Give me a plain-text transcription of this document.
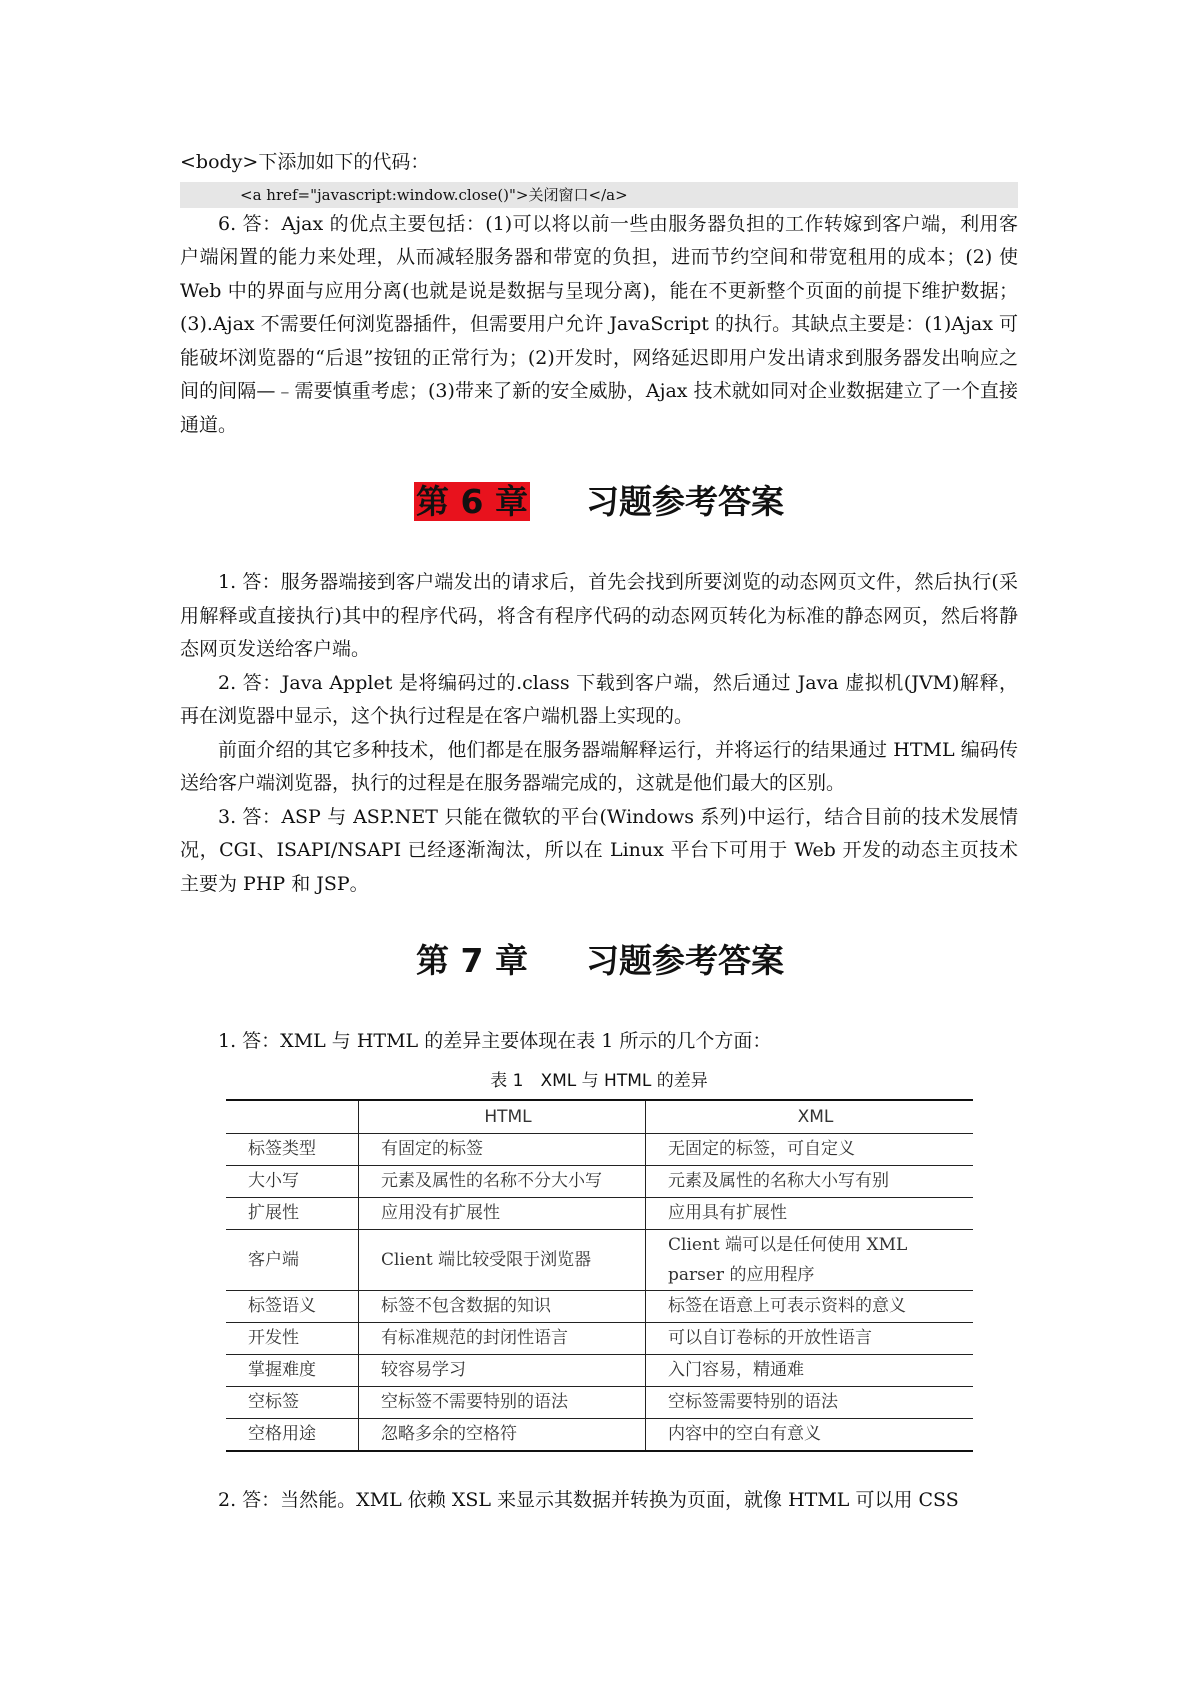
<body>下添加如下的代码：

<a href="javascript:window.close()">关闭窗口</a>

6. 答：Ajax 的优点主要包括：(1)可以将以前一些由服务器负担的工作转嫁到客户端，利用客户端闲置的能力来处理，从而减轻服务器和带宽的负担，进而节约空间和带宽租用的成本；(2) 使 Web 中的界面与应用分离(也就是说是数据与呈现分离)，能在不更新整个页面的前提下维护数据；(3).Ajax 不需要任何浏览器插件，但需要用户允许 JavaScript 的执行。其缺点主要是：(1)Ajax 可能破坏浏览器的“后退”按钮的正常行为；(2)开发时，网络延迟即用户发出请求到服务器发出响应之间的间隔—﹣需要慎重考虑；(3)带来了新的安全威胁，Ajax 技术就如同对企业数据建立了一个直接通道。

第 6 章 习题参考答案

1. 答：服务器端接到客户端发出的请求后，首先会找到所要浏览的动态网页文件，然后执行(采用解释或直接执行)其中的程序代码，将含有程序代码的动态网页转化为标准的静态网页，然后将静态网页发送给客户端。

2. 答：Java Applet 是将编码过的.class 下载到客户端，然后通过 Java 虚拟机(JVM)解释，再在浏览器中显示，这个执行过程是在客户端机器上实现的。

前面介绍的其它多种技术，他们都是在服务器端解释运行，并将运行的结果通过 HTML 编码传送给客户端浏览器，执行的过程是在服务器端完成的，这就是他们最大的区别。

3. 答：ASP 与 ASP.NET 只能在微软的平台(Windows 系列)中运行，结合目前的技术发展情况，CGI、ISAPI/NSAPI 已经逐渐淘汰，所以在 Linux 平台下可用于 Web 开发的动态主页技术主要为 PHP 和 JSP。

第 7 章 习题参考答案

1. 答：XML 与 HTML 的差异主要体现在表 1 所示的几个方面：

表 1　XML 与 HTML 的差异
	HTML	XML
标签类型	有固定的标签	无固定的标签，可自定义
大小写	元素及属性的名称不分大小写	元素及属性的名称大小写有别
扩展性	应用没有扩展性	应用具有扩展性
客户端	Client 端比较受限于浏览器	Client 端可以是任何使用 XML parser 的应用程序
标签语义	标签不包含数据的知识	标签在语意上可表示资料的意义
开发性	有标准规范的封闭性语言	可以自订卷标的开放性语言
掌握难度	较容易学习	入门容易，精通难
空标签	空标签不需要特别的语法	空标签需要特别的语法
空格用途	忽略多余的空格符	内容中的空白有意义

2. 答：当然能。XML 依赖 XSL 来显示其数据并转换为页面，就像 HTML 可以用 CSS
